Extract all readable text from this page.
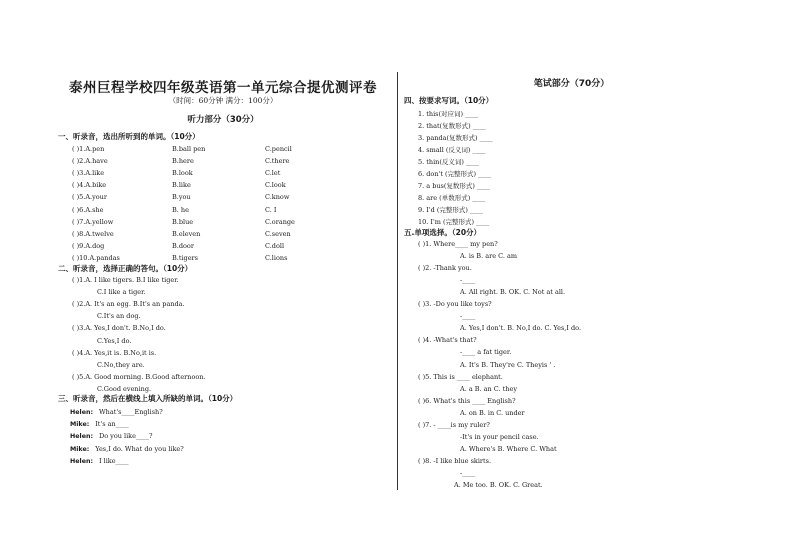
泰州巨程学校四年级英语第一单元综合提优测评卷
（时间：60分钟 满分：100分）
听力部分（30分）
一、听录音，选出所听到的单词。（10分）
( )1.A.pen	B.ball pen	C.pencil
( )2.A.have	B.here	C.there
( )3.A.like	B.look	C.let
( )4.A.bike	B.like	C.look
( )5.A.your	B.you	C.know
( )6.A.she	B. he	C. I
( )7.A.yellow	B.blue	C.orange
( )8.A.twelve	B.eleven	C.seven
( )9.A.dog	B.door	C.doll
( )10.A.pandas	B.tigers	C.lions
二、听录音，选择正确的答句。（10分）
( )1.A. I like tigers. B.I like tiger.
C.I like a tiger.
( )2.A. It's an egg. B.It's an panda.
C.It's an dog.
( )3.A. Yes,I don't. B.No,I do.
C.Yes,I do.
( )4.A. Yes,it is. B.No,it is.
C.No,they are.
( )5.A. Good morning. B.Good afternoon.
C.Good evening.
三、听录音，然后在横线上填入所缺的单词。（10分）
Helen: What's____English?
Mike: It's an____
Helen: Do you like____?
Mike: Yes,I do. What do you like?
Helen: I like____
笔试部分（70分）
四、按要求写词。（10分）
1. this(对应词) ____
2. that(复数形式) ____
3. panda(复数形式) ____
4. small (反义词) ____
5. thin(反义词) ____
6. don't (完整形式) ____
7. a bus(复数形式) ____
8. are (单数形式) ____
9. I'd (完整形式) ____
10. I'm (完整形式) ____
五.单项选择。（20分）
( )1. Where____ my pen?
A. is B. are C. am
( )2. -Thank you.
-____
A. All right. B. OK. C. Not at all.
( )3. -Do you like toys?
-____
A. Yes,I don't. B. No,I do. C. Yes,I do.
( )4. -What's that?
-____ a fat tiger.
A. It's B. They're C. Theyis ' .
( )5. This is ____ elephant.
A. a B. an C. they
( )6. What's this ____ English?
A. on B. in C. under
( )7. - ____is my ruler?
-It's in your pencil case.
A. Where's B. Where C. What
( )8. -I like blue skirts.
-____
A. Me too. B. OK. C. Great.
